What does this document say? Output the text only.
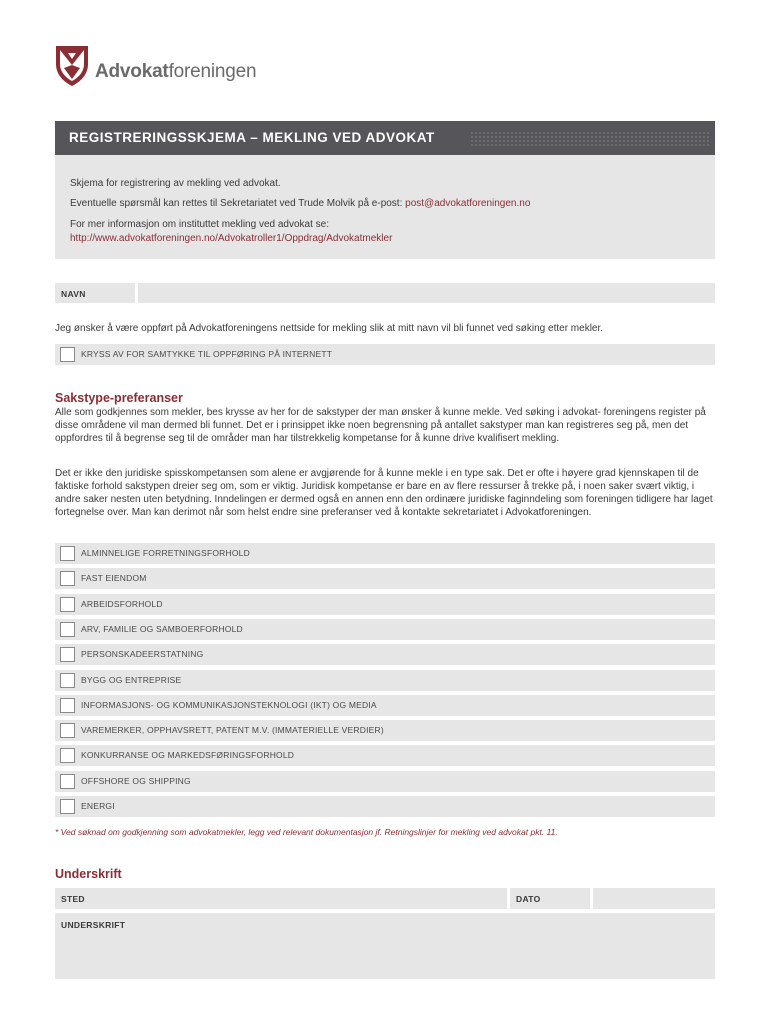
Advokatforeningen
REGISTRERINGSSKJEMA – MEKLING VED ADVOKAT
Skjema for registrering av mekling ved advokat.
Eventuelle spørsmål kan rettes til Sekretariatet ved Trude Molvik på e-post: post@advokatforeningen.no
For mer informasjon om instituttet mekling ved advokat se:
http://www.advokatforeningen.no/Advokatroller1/Oppdrag/Advokatmekler
NAVN
Jeg ønsker å være oppført på Advokatforeningens nettside for mekling slik at mitt navn vil bli funnet ved søking etter mekler.
KRYSS AV FOR SAMTYKKE TIL OPPFØRING PÅ INTERNETT
Sakstype-preferanser
Alle som godkjennes som mekler, bes krysse av her for de sakstyper der man ønsker å kunne mekle. Ved søking i advokat- foreningens register på disse områdene vil man dermed bli funnet. Det er i prinsippet ikke noen begrensning på antallet sakstyper man kan registreres seg på, men det oppfordres til å begrense seg til de områder man har tilstrekkelig kompetanse for å kunne drive kvalifisert mekling.
Det er ikke den juridiske spisskompetansen som alene er avgjørende for å kunne mekle i en type sak. Det er ofte i høyere grad kjennskapen til de faktiske forhold sakstypen dreier seg om, som er viktig. Juridisk kompetanse er bare en av flere ressurser å trekke på, i noen saker svært viktig, i andre saker nesten uten betydning. Inndelingen er dermed også en annen enn den ordinære juridiske faginndeling som foreningen tidligere har laget fortegnelse over. Man kan derimot når som helst endre sine preferanser ved å kontakte sekretariatet i Advokatforeningen.
ALMINNELIGE FORRETNINGSFORHOLD
FAST EIENDOM
ARBEIDSFORHOLD
ARV, FAMILIE OG SAMBOERFORHOLD
PERSONSKADEERSTATNING
BYGG OG ENTREPRISE
INFORMASJONS- OG KOMMUNIKASJONSTEKNOLOGI (IKT) OG MEDIA
VAREMERKER, OPPHAVSRETT, PATENT M.V. (IMMATERIELLE VERDIER)
KONKURRANSE OG MARKEDSFØRINGSFORHOLD
OFFSHORE OG SHIPPING
ENERGI
* Ved søknad om godkjenning som advokatmekler, legg ved relevant dokumentasjon jf. Retningslinjer for mekling ved advokat pkt. 11.
Underskrift
STED	DATO
UNDERSKRIFT
